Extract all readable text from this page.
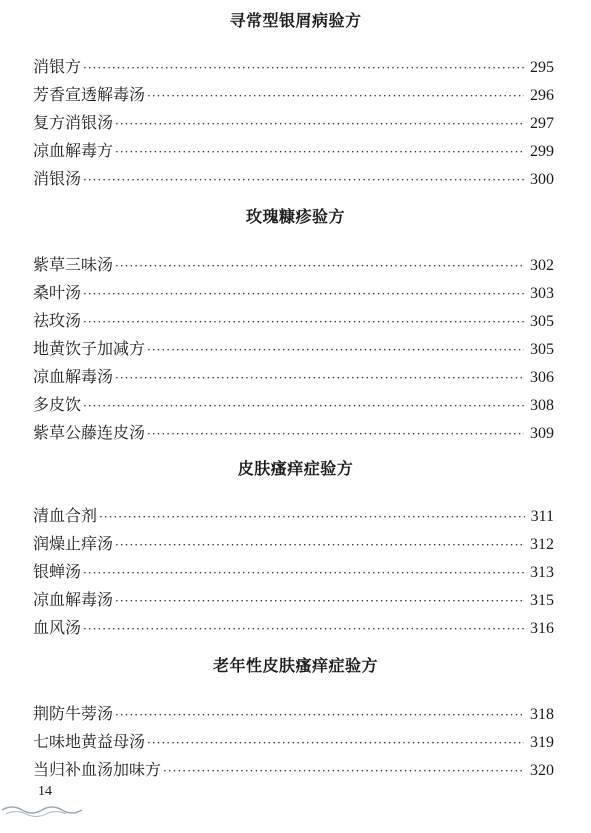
寻常型银屑病验方
消银方 ·····	295
芳香宣透解毒汤 ·····	296
复方消银汤 ·····	297
凉血解毒方 ·····	299
消银汤 ·····	300
玫瑰糠疹验方
紫草三味汤 ·····	302
桑叶汤 ·····	303
祛玫汤 ·····	305
地黄饮子加减方 ·····	305
凉血解毒汤 ·····	306
多皮饮 ·····	308
紫草公藤连皮汤 ·····	309
皮肤瘙痒症验方
清血合剂 ·····	311
润燥止痒汤 ·····	312
银蝉汤 ·····	313
凉血解毒汤 ·····	315
血风汤 ·····	316
老年性皮肤瘙痒症验方
荆防牛蒡汤 ·····	318
七味地黄益母汤 ·····	319
当归补血汤加味方 ·····	320
14
